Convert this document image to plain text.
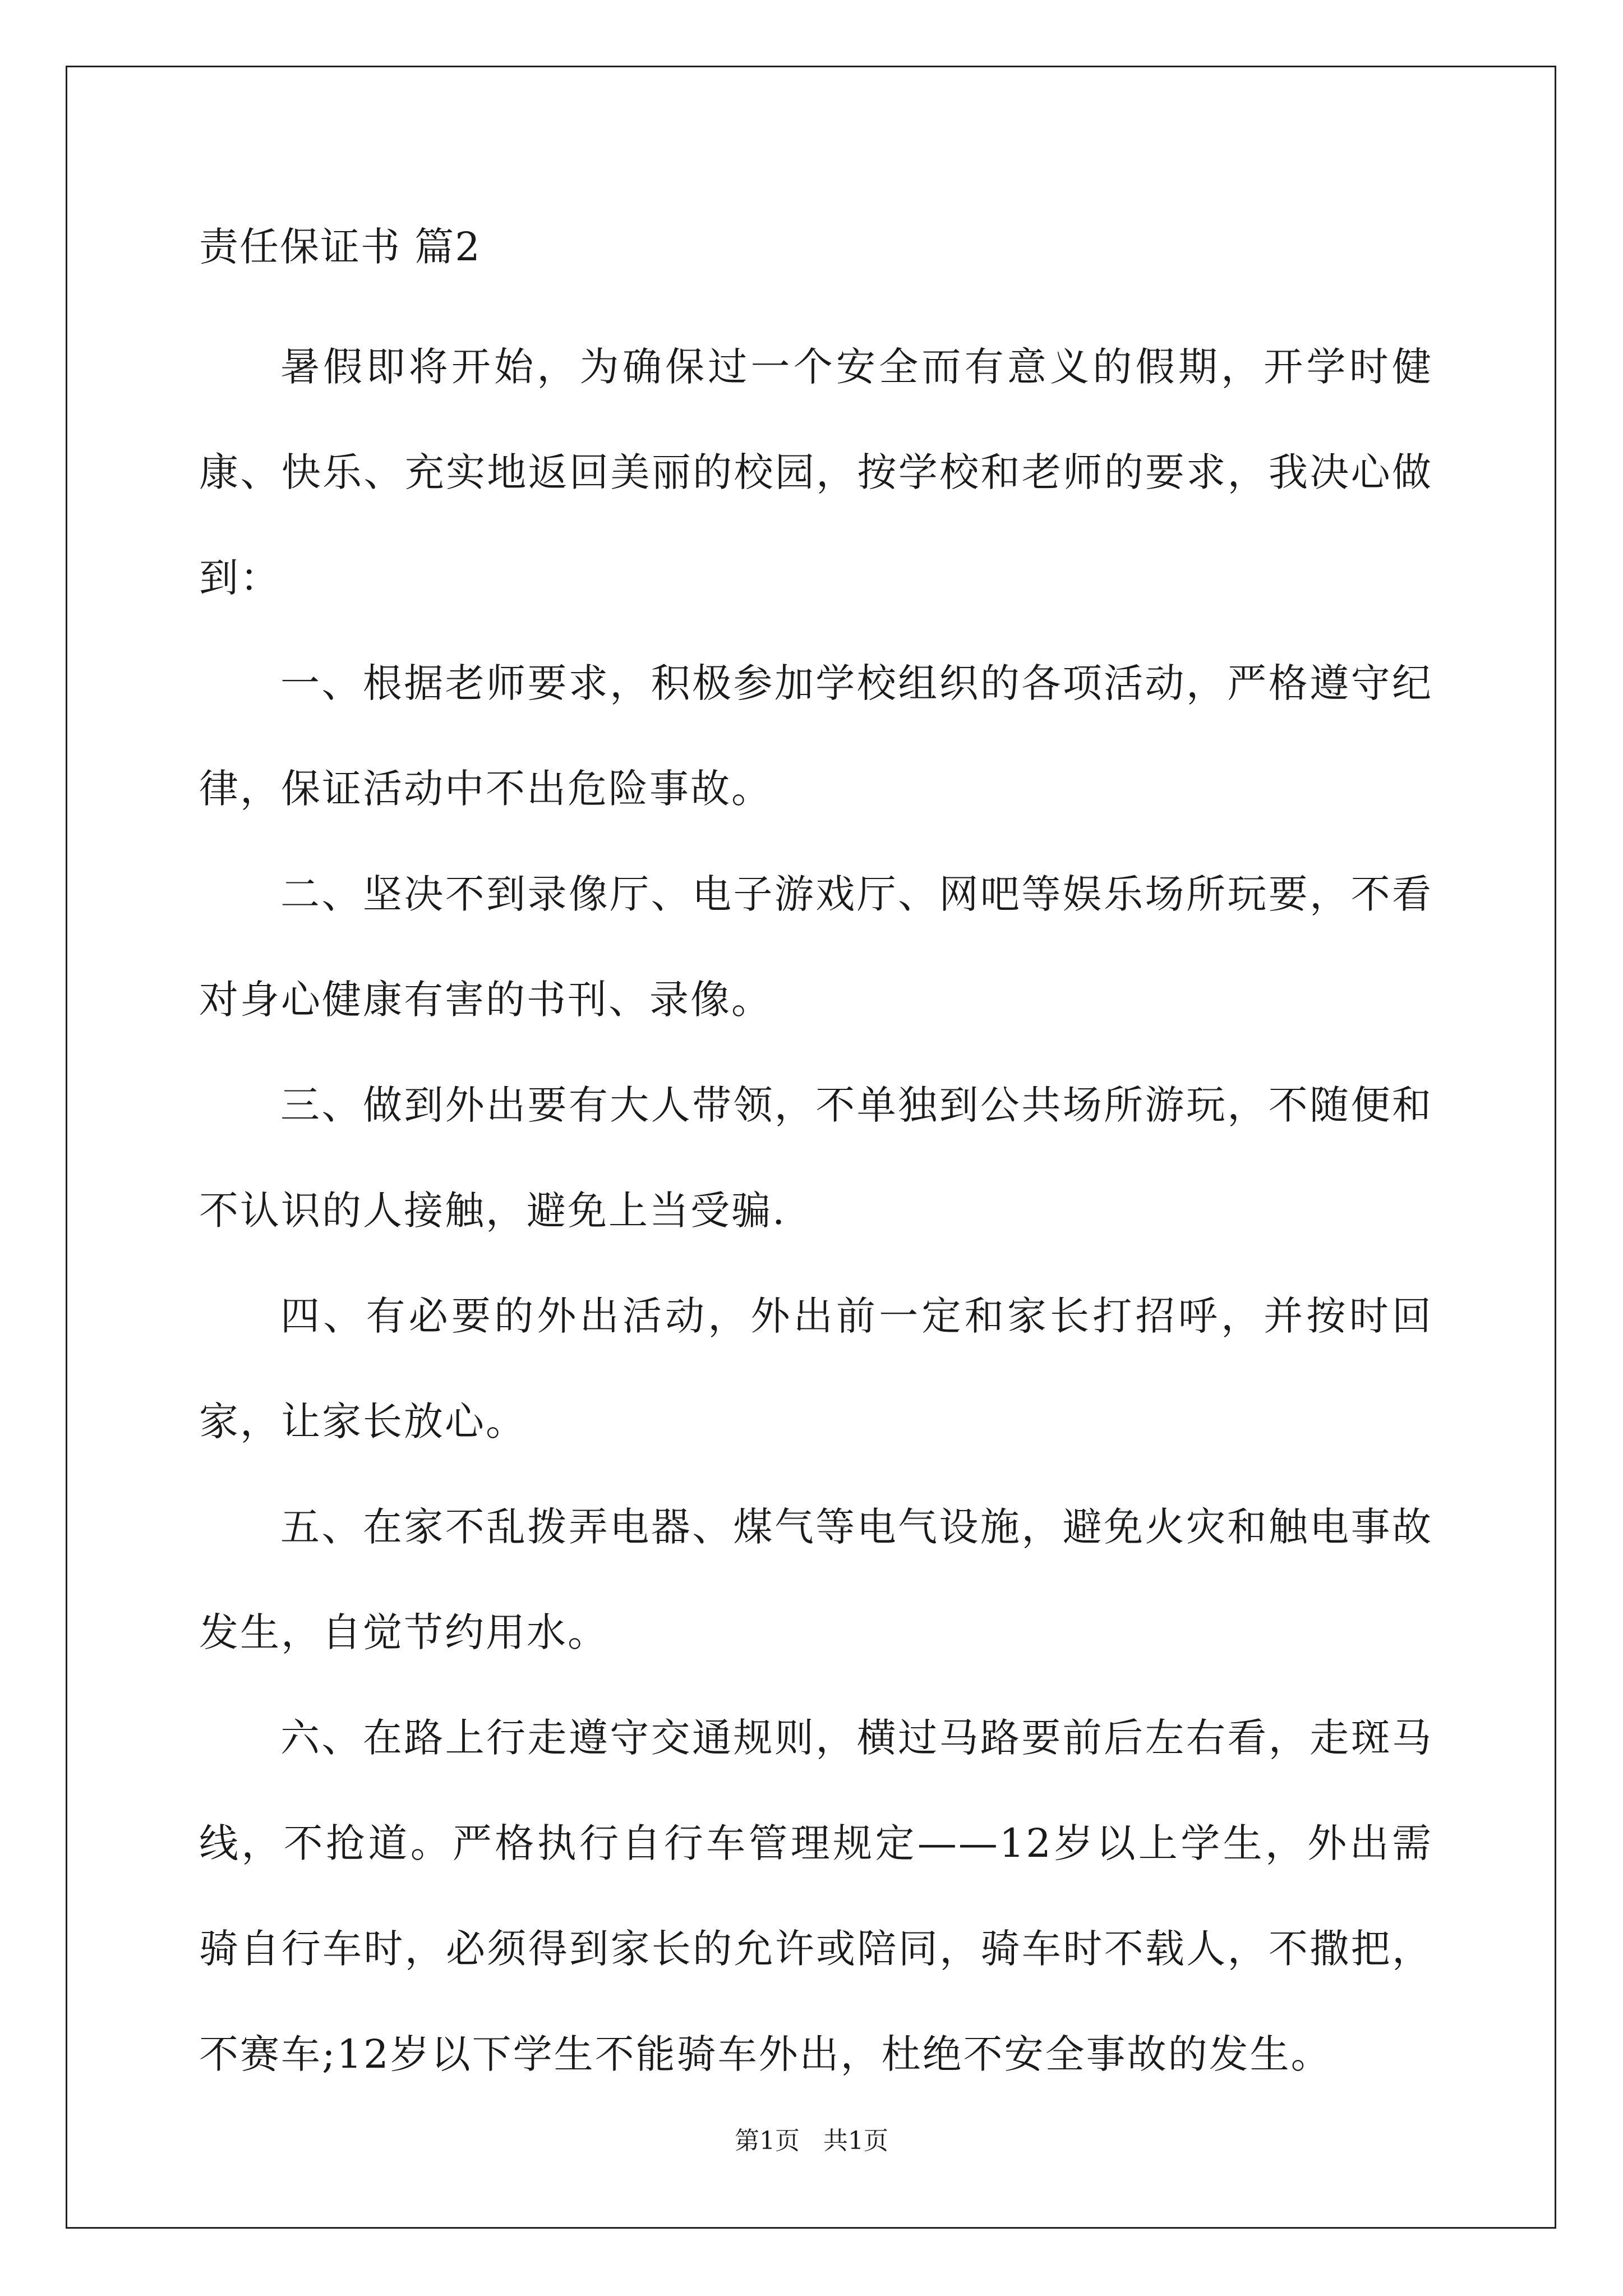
责任保证书 篇2

暑假即将开始，为确保过一个安全而有意义的假期，开学时健康、快乐、充实地返回美丽的校园，按学校和老师的要求，我决心做到：

一、根据老师要求，积极参加学校组织的各项活动，严格遵守纪律，保证活动中不出危险事故。

二、坚决不到录像厅、电子游戏厅、网吧等娱乐场所玩要，不看对身心健康有害的书刊、录像。

三、做到外出要有大人带领，不单独到公共场所游玩，不随便和不认识的人接触，避免上当受骗.

四、有必要的外出活动，外出前一定和家长打招呼，并按时回家，让家长放心。

五、在家不乱拨弄电器、煤气等电气设施，避免火灾和触电事故发生，自觉节约用水。

六、在路上行走遵守交通规则，横过马路要前后左右看，走斑马线，不抢道。严格执行自行车管理规定——12岁以上学生，外出需骑自行车时，必须得到家长的允许或陪同，骑车时不载人，不撒把，不赛车;12岁以下学生不能骑车外出，杜绝不安全事故的发生。

第1页   共1页
